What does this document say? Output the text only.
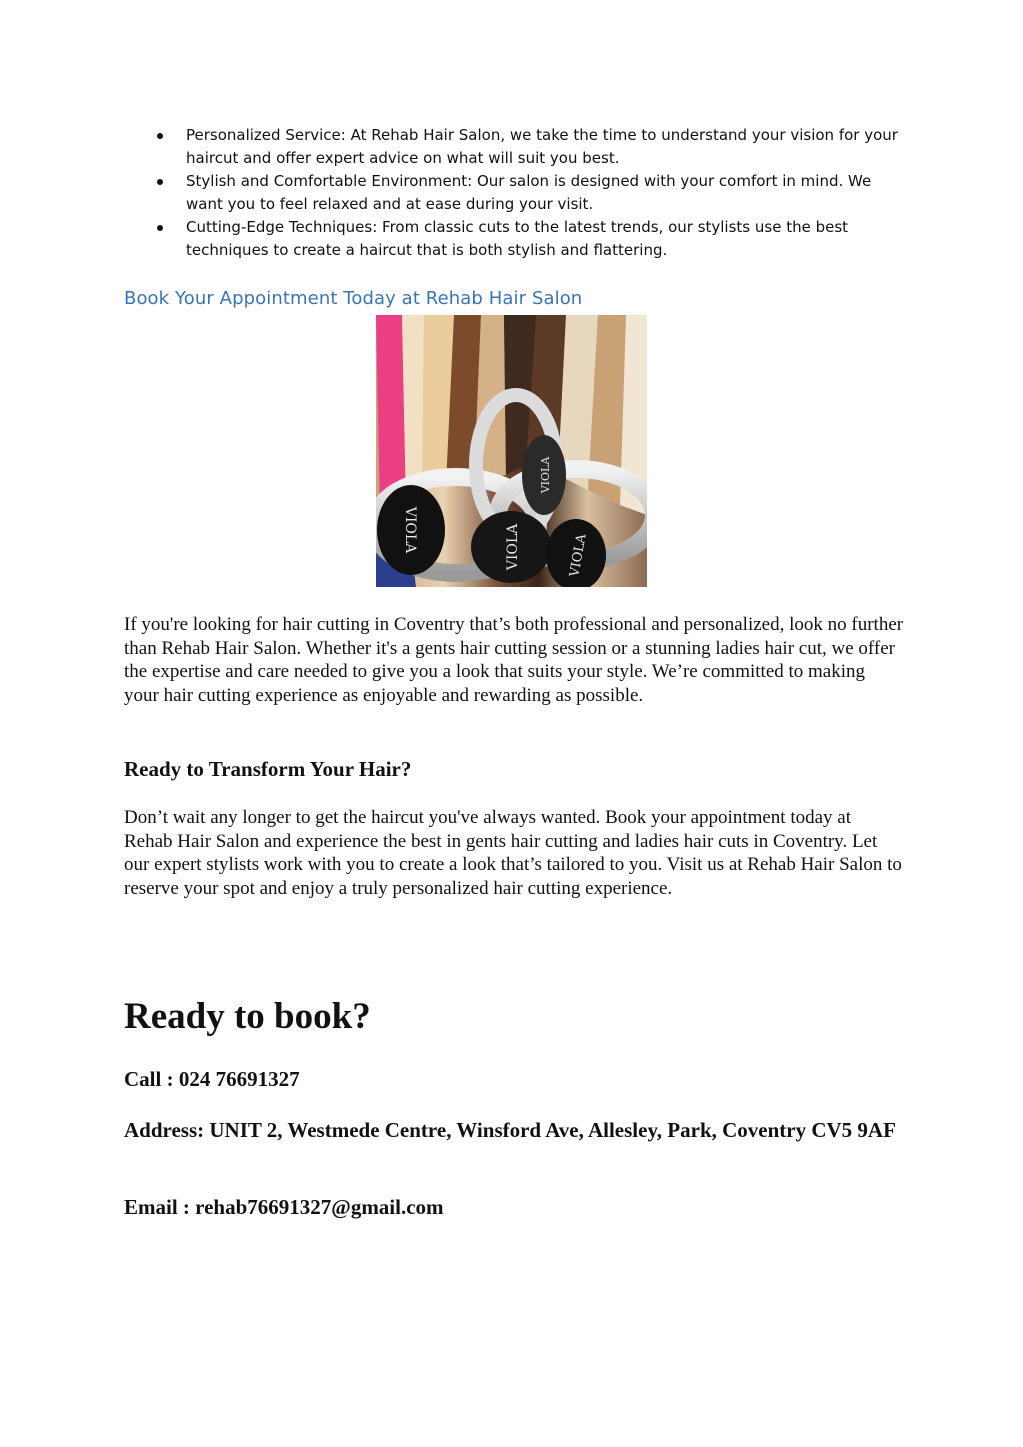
Personalized Service: At Rehab Hair Salon, we take the time to understand your vision for your haircut and offer expert advice on what will suit you best.
Stylish and Comfortable Environment: Our salon is designed with your comfort in mind. We want you to feel relaxed and at ease during your visit.
Cutting-Edge Techniques: From classic cuts to the latest trends, our stylists use the best techniques to create a haircut that is both stylish and flattering.
Book Your Appointment Today at Rehab Hair Salon
VIOLA	VIOLA	VIOLA
VIOLA

If you're looking for hair cutting in Coventry that’s both professional and personalized, look no further than Rehab Hair Salon. Whether it's a gents hair cutting session or a stunning ladies hair cut, we offer the expertise and care needed to give you a look that suits your style. We’re committed to making your hair cutting experience as enjoyable and rewarding as possible.

Ready to Transform Your Hair?

Don’t wait any longer to get the haircut you've always wanted. Book your appointment today at Rehab Hair Salon and experience the best in gents hair cutting and ladies hair cuts in Coventry. Let our expert stylists work with you to create a look that’s tailored to you. Visit us at Rehab Hair Salon to reserve your spot and enjoy a truly personalized hair cutting experience.

Ready to book?

Call : 024 76691327

Address: UNIT 2, Westmede Centre, Winsford Ave, Allesley, Park, Coventry CV5 9AF

Email : rehab76691327@gmail.com
